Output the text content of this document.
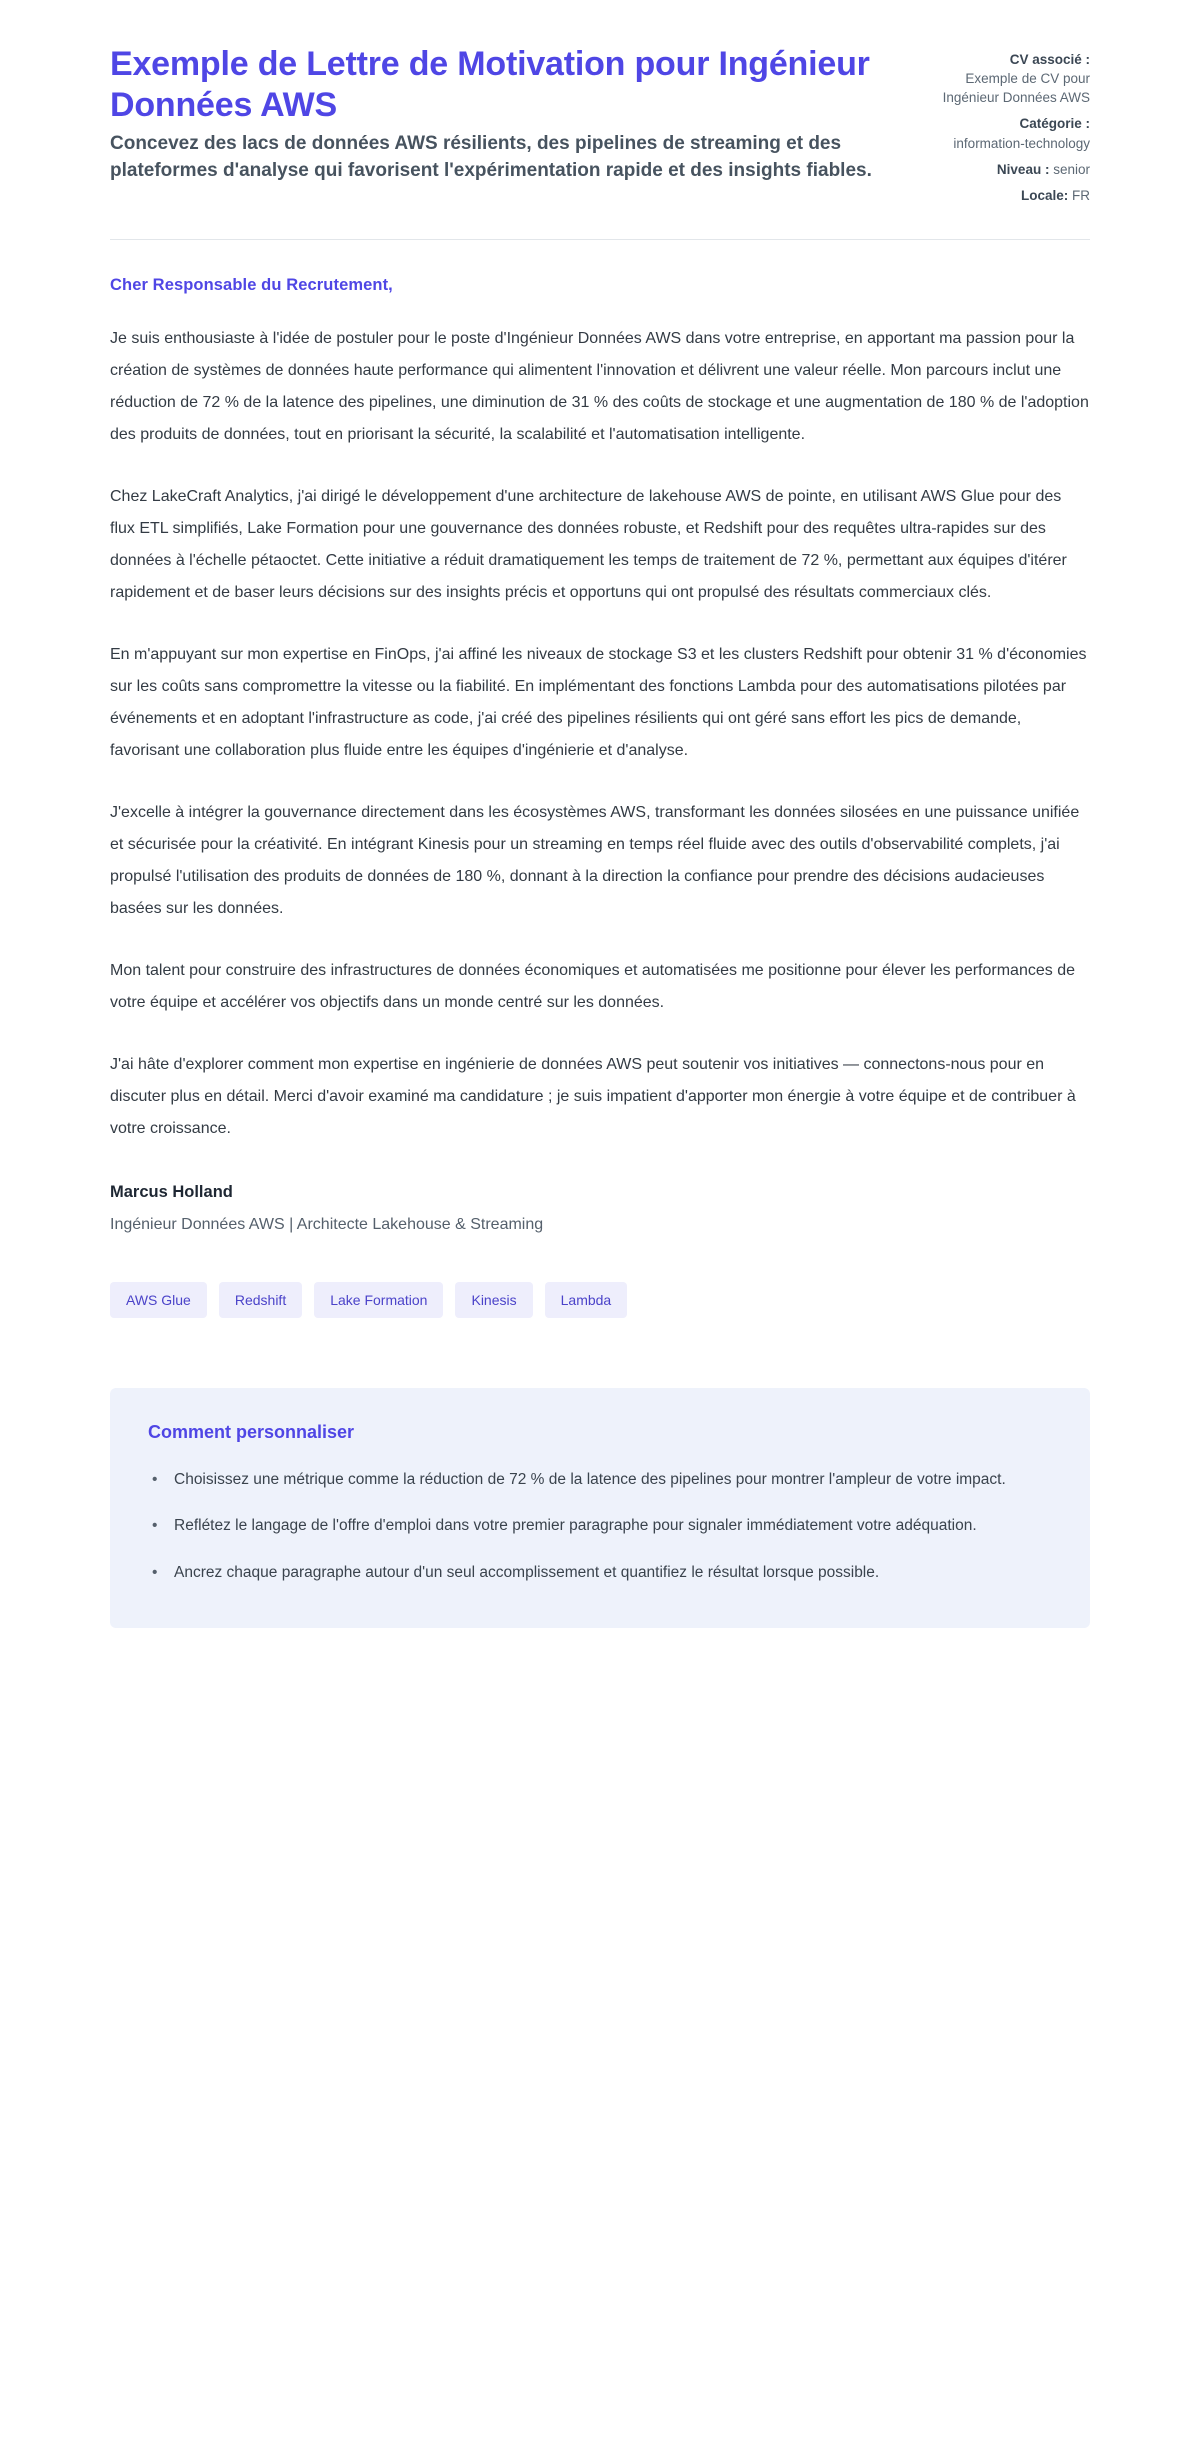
Exemple de Lettre de Motivation pour Ingénieur Données AWS

Concevez des lacs de données AWS résilients, des pipelines de streaming et des plateformes d'analyse qui favorisent l'expérimentation rapide et des insights fiables.

CV associé :
Exemple de CV pour Ingénieur Données AWS
Catégorie :
information-technology
Niveau : senior
Locale: FR

Cher Responsable du Recrutement,

Je suis enthousiaste à l'idée de postuler pour le poste d'Ingénieur Données AWS dans votre entreprise, en apportant ma passion pour la création de systèmes de données haute performance qui alimentent l'innovation et délivrent une valeur réelle. Mon parcours inclut une réduction de 72 % de la latence des pipelines, une diminution de 31 % des coûts de stockage et une augmentation de 180 % de l'adoption des produits de données, tout en priorisant la sécurité, la scalabilité et l'automatisation intelligente.

Chez LakeCraft Analytics, j'ai dirigé le développement d'une architecture de lakehouse AWS de pointe, en utilisant AWS Glue pour des flux ETL simplifiés, Lake Formation pour une gouvernance des données robuste, et Redshift pour des requêtes ultra-rapides sur des données à l'échelle pétaoctet. Cette initiative a réduit dramatiquement les temps de traitement de 72 %, permettant aux équipes d'itérer rapidement et de baser leurs décisions sur des insights précis et opportuns qui ont propulsé des résultats commerciaux clés.

En m'appuyant sur mon expertise en FinOps, j'ai affiné les niveaux de stockage S3 et les clusters Redshift pour obtenir 31 % d'économies sur les coûts sans compromettre la vitesse ou la fiabilité. En implémentant des fonctions Lambda pour des automatisations pilotées par événements et en adoptant l'infrastructure as code, j'ai créé des pipelines résilients qui ont géré sans effort les pics de demande, favorisant une collaboration plus fluide entre les équipes d'ingénierie et d'analyse.

J'excelle à intégrer la gouvernance directement dans les écosystèmes AWS, transformant les données silosées en une puissance unifiée et sécurisée pour la créativité. En intégrant Kinesis pour un streaming en temps réel fluide avec des outils d'observabilité complets, j'ai propulsé l'utilisation des produits de données de 180 %, donnant à la direction la confiance pour prendre des décisions audacieuses basées sur les données.

Mon talent pour construire des infrastructures de données économiques et automatisées me positionne pour élever les performances de votre équipe et accélérer vos objectifs dans un monde centré sur les données.

J'ai hâte d'explorer comment mon expertise en ingénierie de données AWS peut soutenir vos initiatives — connectons-nous pour en discuter plus en détail. Merci d'avoir examiné ma candidature ; je suis impatient d'apporter mon énergie à votre équipe et de contribuer à votre croissance.

Marcus Holland

Ingénieur Données AWS | Architecte Lakehouse & Streaming

AWS Glue	Redshift	Lake Formation	Kinesis	Lambda
Comment personnaliser
• Choisissez une métrique comme la réduction de 72 % de la latence des pipelines pour montrer l'ampleur de votre impact.
• Reflétez le langage de l'offre d'emploi dans votre premier paragraphe pour signaler immédiatement votre adéquation.
• Ancrez chaque paragraphe autour d'un seul accomplissement et quantifiez le résultat lorsque possible.
